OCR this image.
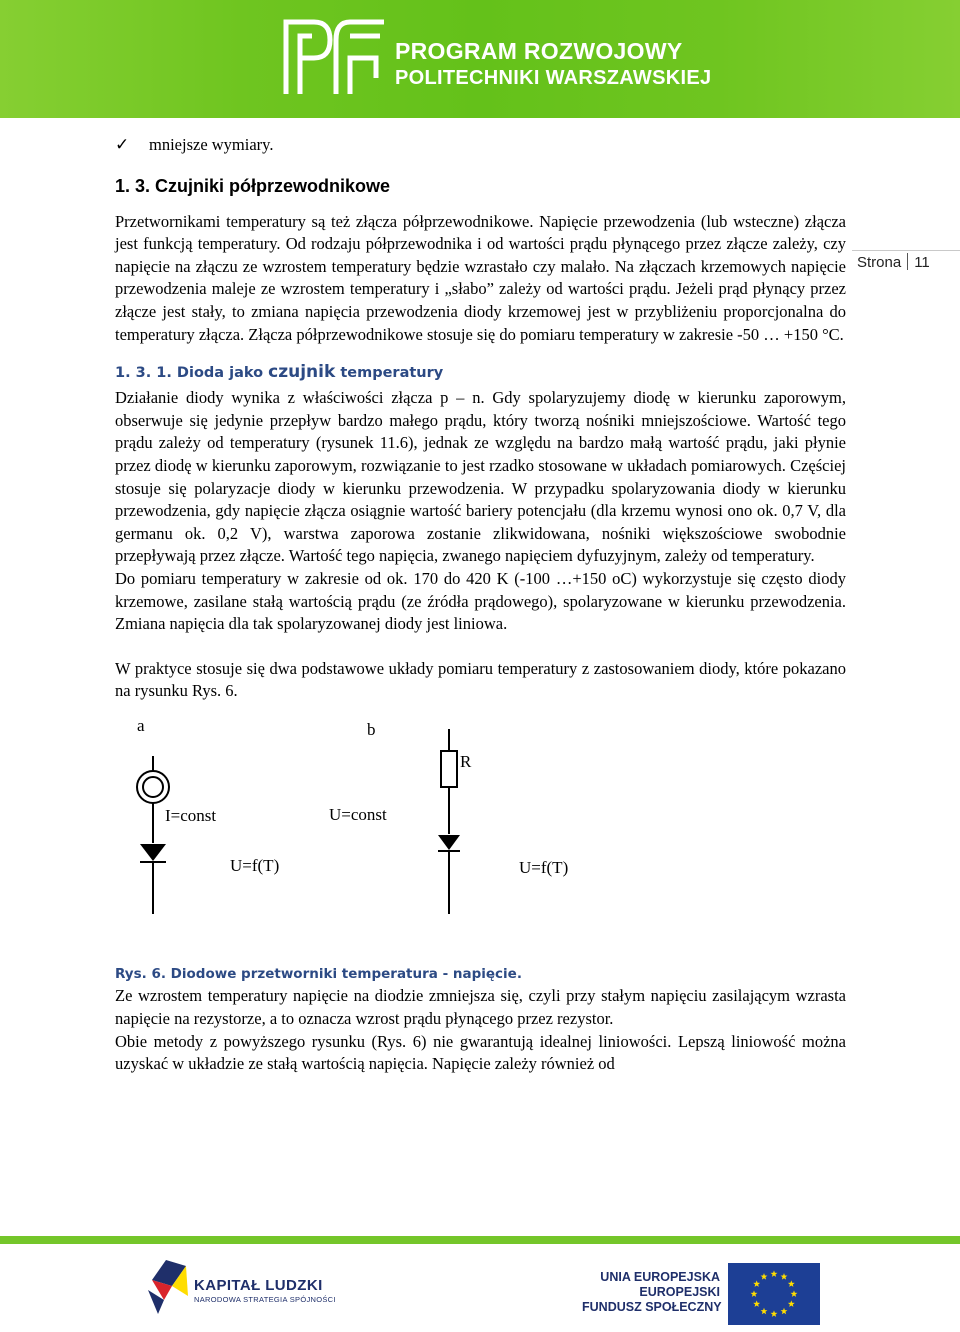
PROGRAM ROZWOJOWY
POLITECHNIKI WARSZAWSKIEJ
Strona 11
✓	mniejsze wymiary.
1. 3. Czujniki półprzewodnikowe

Przetwornikami temperatury są też złącza półprzewodnikowe. Napięcie przewodzenia (lub wsteczne) złącza jest funkcją temperatury. Od rodzaju półprzewodnika i od wartości prądu płynącego przez złącze zależy, czy napięcie na złączu ze wzrostem temperatury będzie wzrastało czy malało. Na złączach krzemowych napięcie przewodzenia maleje ze wzrostem temperatury i „słabo” zależy od wartości prądu. Jeżeli prąd płynący przez złącze jest stały, to zmiana napięcia przewodzenia diody krzemowej jest w przybliżeniu proporcjonalna do temperatury złącza. Złącza półprzewodnikowe stosuje się do pomiaru temperatury w zakresie -50 … +150 °C.

1. 3. 1. Dioda jako czujnik temperatury

Działanie diody wynika z właściwości złącza p – n. Gdy spolaryzujemy diodę w kierunku zaporowym, obserwuje się jedynie przepływ bardzo małego prądu, który tworzą nośniki mniejszościowe. Wartość tego prądu zależy od temperatury (rysunek 11.6), jednak ze względu na bardzo małą wartość prądu, jaki płynie przez diodę w kierunku zaporowym, rozwiązanie to jest rzadko stosowane w układach pomiarowych. Częściej stosuje się polaryzacje diody w kierunku przewodzenia. W przypadku spolaryzowania diody w kierunku przewodzenia, gdy napięcie złącza osiągnie wartość bariery potencjału (dla krzemu wynosi ono ok. 0,7 V, dla germanu ok. 0,2 V), warstwa zaporowa zostanie zlikwidowana, nośniki większościowe swobodnie przepływają przez złącze. Wartość tego napięcia, zwanego napięciem dyfuzyjnym, zależy od temperatury.

Do pomiaru temperatury w zakresie od ok. 170 do 420 K (-100 …+150 oC) wykorzystuje się często diody krzemowe, zasilane stałą wartością prądu (ze źródła prądowego), spolaryzowane w kierunku przewodzenia. Zmiana napięcia dla tak spolaryzowanej diody jest liniowa.

W praktyce stosuje się dwa podstawowe układy pomiaru temperatury z zastosowaniem diody, które pokazano na rysunku Rys. 6.

a
I=const
U=f(T)
b
R
U=const
U=f(T)

Rys. 6. Diodowe przetworniki temperatura - napięcie.

Ze wzrostem temperatury napięcie na diodzie zmniejsza się, czyli przy stałym napięciu zasilającym wzrasta napięcie na rezystorze, a to oznacza wzrost prądu płynącego przez rezystor.

Obie metody z powyższego rysunku (Rys. 6) nie gwarantują idealnej liniowości. Lepszą liniowość można uzyskać w układzie ze stałą wartością napięcia. Napięcie zależy również od

KAPITAŁ LUDZKI
NARODOWA STRATEGIA SPÓJNOŚCI
UNIA EUROPEJSKA
EUROPEJSKI
FUNDUSZ SPOŁECZNY
